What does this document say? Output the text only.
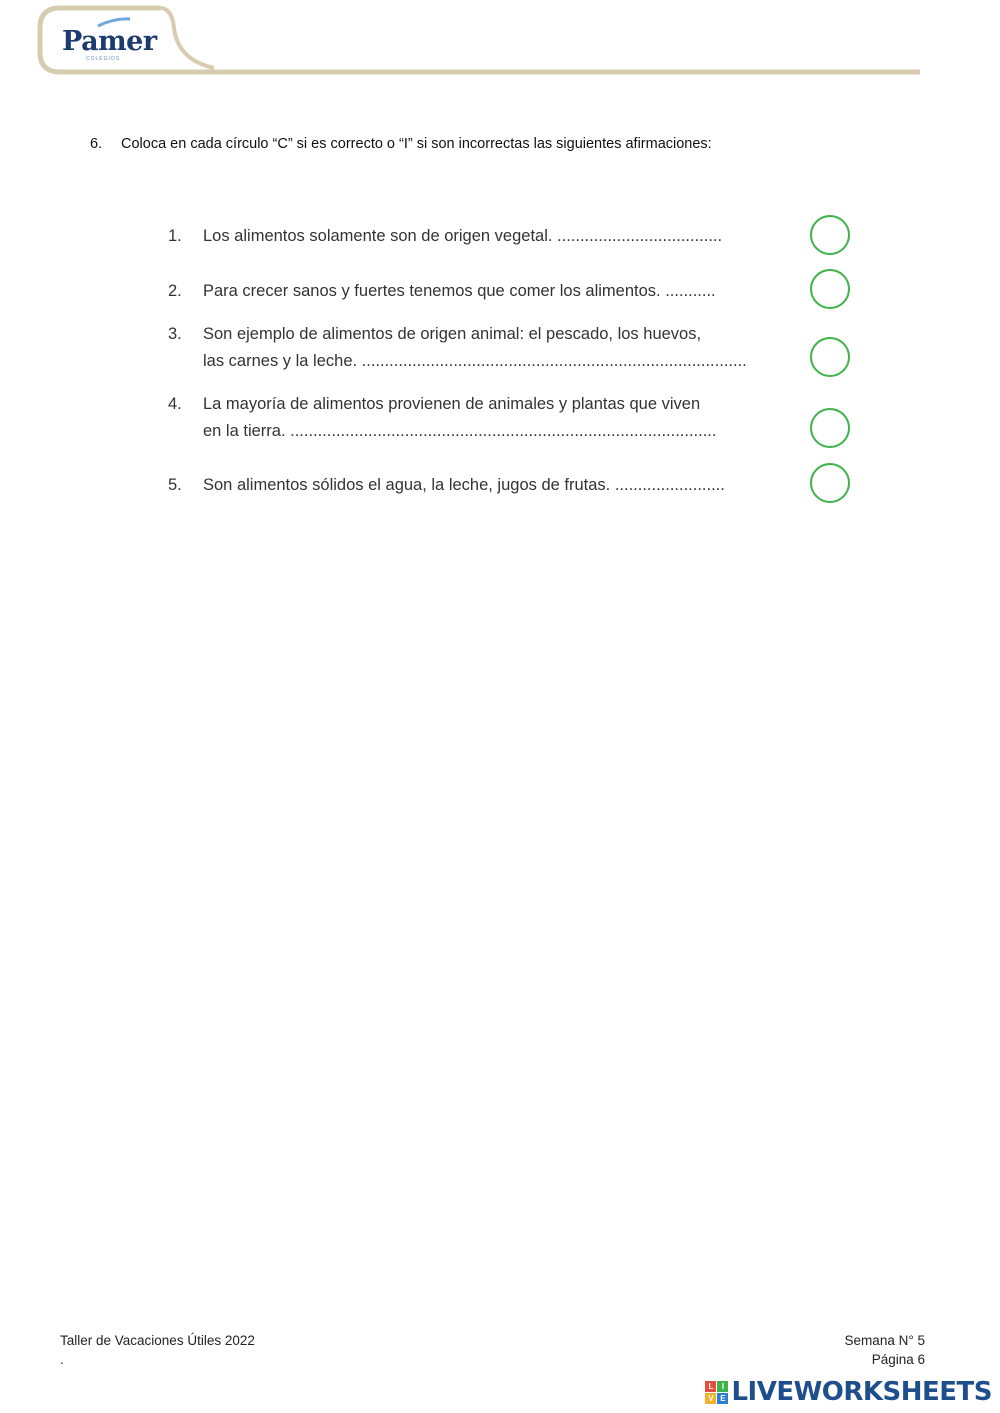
Pamer
COLEGIOS
6. Coloca en cada círculo “C” si es correcto o “I” si son incorrectas las siguientes afirmaciones:
1.	Los alimentos solamente son de origen vegetal. ....................................
2.	Para crecer sanos y fuertes tenemos que comer los alimentos. ...........
3.	Son ejemplo de alimentos de origen animal: el pescado, los huevos,
las carnes y la leche. ....................................................................................
4.	La mayoría de alimentos provienen de animales y plantas que viven
en la tierra. .............................................................................................
5.	Son alimentos sólidos el agua, la leche, jugos de frutas. ........................
Taller de Vacaciones Útiles 2022
.
Semana N° 5
Página 6
L	I
V E LIVEWORKSHEETS
